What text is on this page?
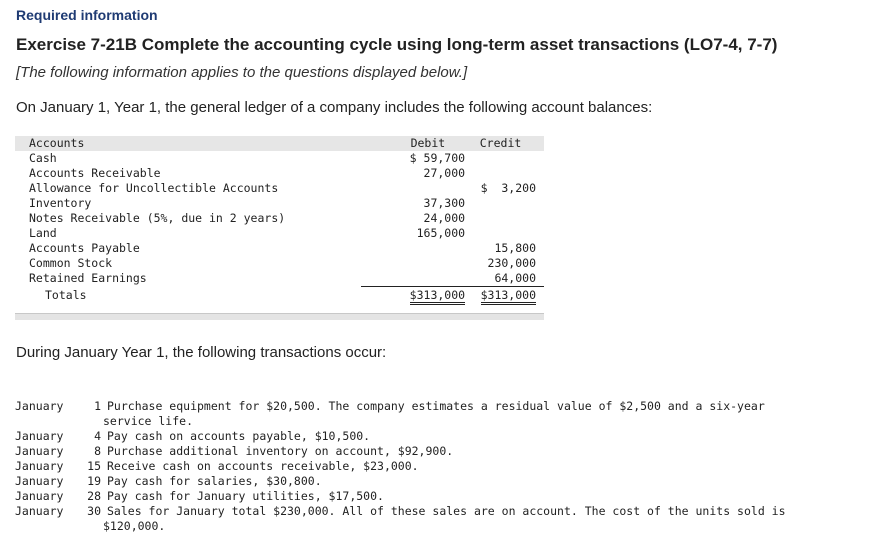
Required information
Exercise 7-21B Complete the accounting cycle using long-term asset transactions (LO7-4, 7-7)
[The following information applies to the questions displayed below.]
On January 1, Year 1, the general ledger of a company includes the following account balances:
Accounts	Debit	Credit
Cash	$ 59,700	
Accounts Receivable	27,000	
Allowance for Uncollectible Accounts		$  3,200
Inventory	37,300	
Notes Receivable (5%, due in 2 years)	24,000	
Land	165,000	
Accounts Payable		15,800
Common Stock		230,000
Retained Earnings		64,000
Totals	$313,000	$313,000
During January Year 1, the following transactions occur:
January	1 Purchase equipment for $20,500. The company estimates a residual value of $2,500 and a six-year
service life.
January	4 Pay cash on accounts payable, $10,500.
January	8 Purchase additional inventory on account, $92,900.
January 15 Receive cash on accounts receivable, $23,000.
January 19 Pay cash for salaries, $30,800.
January 28 Pay cash for January utilities, $17,500.
January 30 Sales for January total $230,000. All of these sales are on account. The cost of the units sold is
$120,000.
